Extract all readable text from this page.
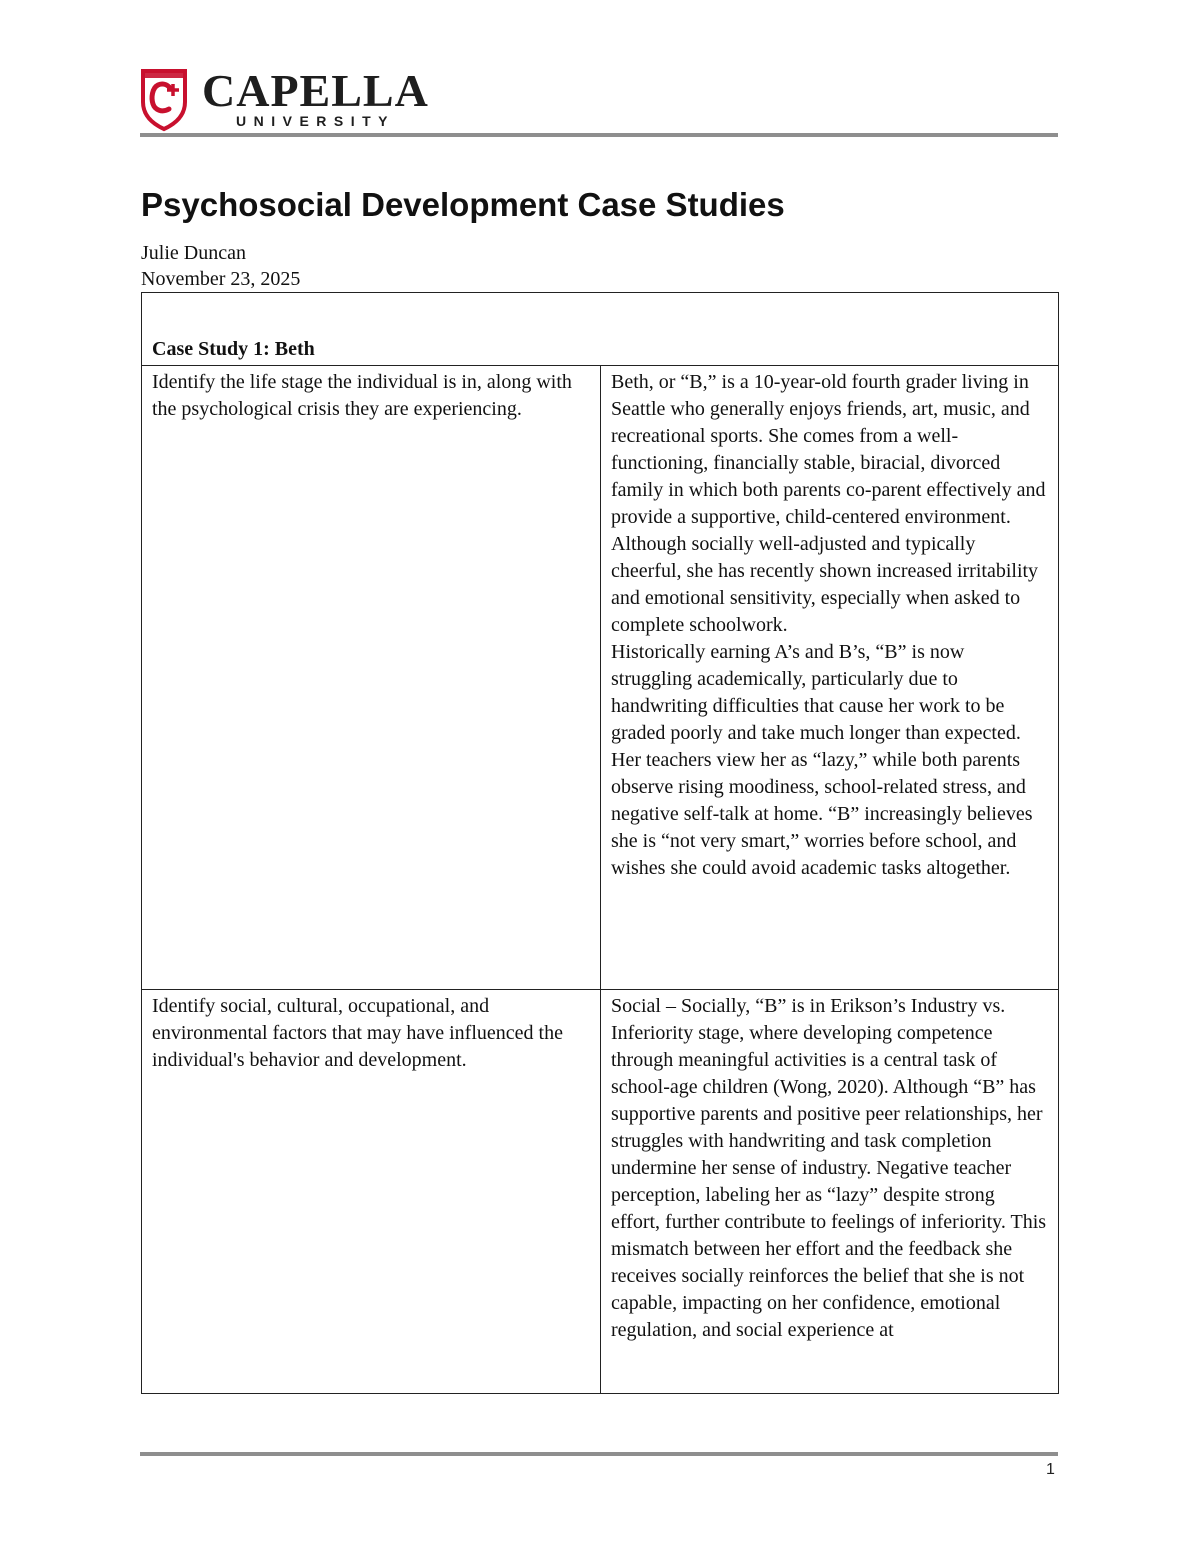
CAPELLA
UNIVERSITY
Psychosocial Development Case Studies
Julie Duncan
November 23, 2025
Case Study 1: Beth	
Identify the life stage the individual is in, along with the psychological crisis they are experiencing.	Beth, or “B,” is a 10-year-old fourth grader living in Seattle who generally enjoys friends, art, music, and recreational sports. She comes from a well-functioning, financially stable, biracial, divorced family in which both parents co-parent effectively and provide a supportive, child-centered environment. Although socially well-adjusted and typically cheerful, she has recently shown increased irritability and emotional sensitivity, especially when asked to complete schoolwork.

Historically earning A’s and B’s, “B” is now struggling academically, particularly due to handwriting difficulties that cause her work to be graded poorly and take much longer than expected. Her teachers view her as “lazy,” while both parents observe rising moodiness, school-related stress, and negative self-talk at home. “B” increasingly believes she is “not very smart,” worries before school, and wishes she could avoid academic tasks altogether.

Identify social, cultural, occupational, and environmental factors that may have influenced the individual's behavior and development.	Social – Socially, “B” is in Erikson’s Industry vs. Inferiority stage, where developing competence through meaningful activities is a central task of school-age children (Wong, 2020). Although “B” has supportive parents and positive peer relationships, her struggles with handwriting and task completion undermine her sense of industry. Negative teacher perception, labeling her as “lazy” despite strong effort, further contribute to feelings of inferiority. This mismatch between her effort and the feedback she receives socially reinforces the belief that she is not capable, impacting on her confidence, emotional regulation, and social experience at

1
